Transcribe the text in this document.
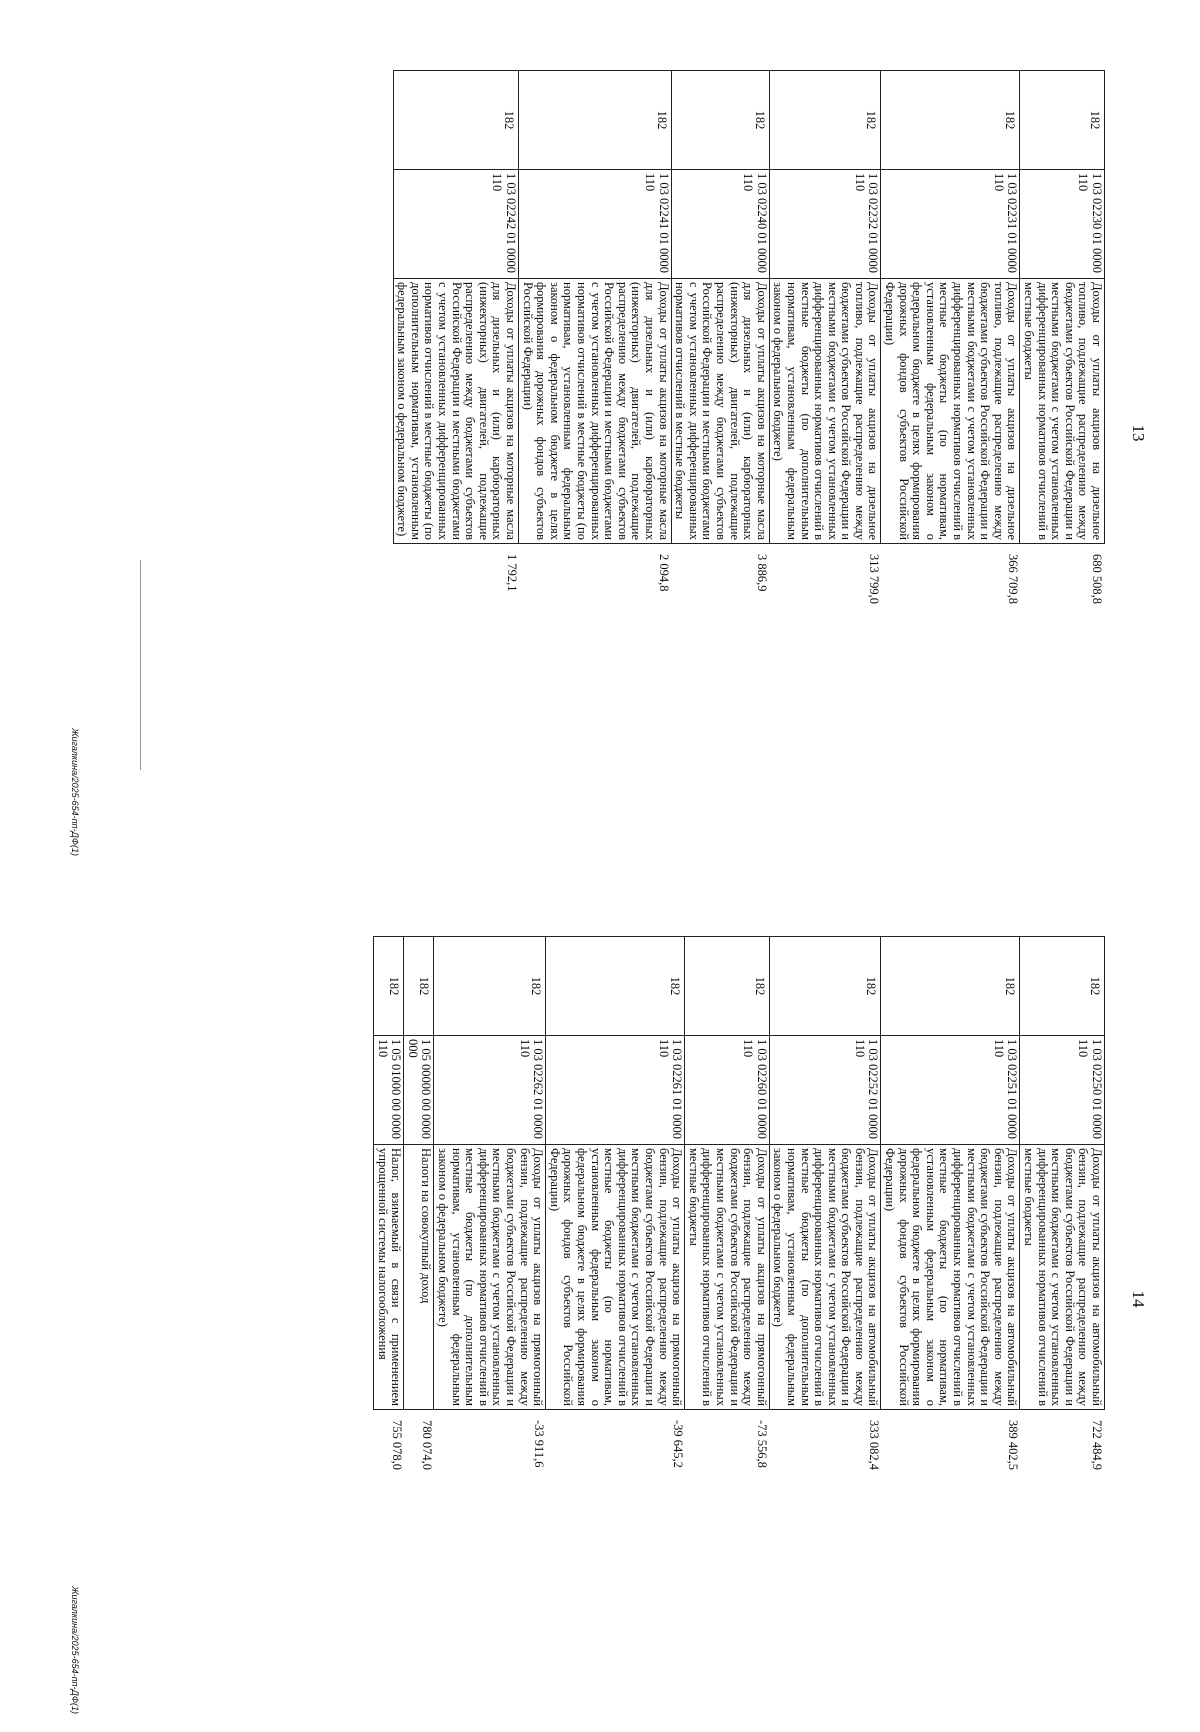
13
182	1 03 02230 01 0000 110	Доходы от уплаты акцизов на дизельное топливо, подлежащие распределению между бюджетами субъектов Российской Федерации и местными бюджетами с учетом установленных дифференцированных нормативов отчислений в местные бюджеты	680 508,8
182	1 03 02231 01 0000 110	Доходы от уплаты акцизов на дизельное топливо, подлежащие распределению между бюджетами субъектов Российской Федерации и местными бюджетами с учетом установленных дифференцированных нормативов отчислений в местные бюджеты (по нормативам, установленным федеральным законом о федеральном бюджете в целях формирования дорожных фондов субъектов Российской Федерации)	366 709,8
182	1 03 02232 01 0000 110	Доходы от уплаты акцизов на дизельное топливо, подлежащие распределению между бюджетами субъектов Российской Федерации и местными бюджетами с учетом установленных дифференцированных нормативов отчислений в местные бюджеты (по дополнительным нормативам, установленным федеральным законом о федеральном бюджете)	313 799,0
182	1 03 02240 01 0000 110	Доходы от уплаты акцизов на моторные масла для дизельных и (или) карбюраторных (инжекторных) двигателей, подлежащие распределению между бюджетами субъектов Российской Федерации и местными бюджетами с учетом установленных дифференцированных нормативов отчислений в местные бюджеты	3 886,9
182	1 03 02241 01 0000 110	Доходы от уплаты акцизов на моторные масла для дизельных и (или) карбюраторных (инжекторных) двигателей, подлежащие распределению между бюджетами субъектов Российской Федерации и местными бюджетами с учетом установленных дифференцированных нормативов отчислений в местные бюджеты (по нормативам, установленным федеральным законом о федеральном бюджете в целях формирования дорожных фондов субъектов Российской Федерации)	2 094,8
182	1 03 02242 01 0000 110	Доходы от уплаты акцизов на моторные масла для дизельных и (или) карбюраторных (инжекторных) двигателей, подлежащие распределению между бюджетами субъектов Российской Федерации и местными бюджетами с учетом установленных дифференцированных нормативов отчислений в местные бюджеты (по дополнительным нормативам, установленным федеральным законом о федеральном бюджете)	1 792,1
Жигалкина/2025-654-пп-ДФ(1)
14
182	1 03 02250 01 0000 110	Доходы от уплаты акцизов на автомобильный бензин, подлежащие распределению между бюджетами субъектов Российской Федерации и местными бюджетами с учетом установленных дифференцированных нормативов отчислений в местные бюджеты	722 484,9
182	1 03 02251 01 0000 110	Доходы от уплаты акцизов на автомобильный бензин, подлежащие распределению между бюджетами субъектов Российской Федерации и местными бюджетами с учетом установленных дифференцированных нормативов отчислений в местные бюджеты (по нормативам, установленным федеральным законом о федеральном бюджете в целях формирования дорожных фондов субъектов Российской Федерации)	389 402,5
182	1 03 02252 01 0000 110	Доходы от уплаты акцизов на автомобильный бензин, подлежащие распределению между бюджетами субъектов Российской Федерации и местными бюджетами с учетом установленных дифференцированных нормативов отчислений в местные бюджеты (по дополнительным нормативам, установленным федеральным законом о федеральном бюджете)	333 082,4
182	1 03 02260 01 0000 110	Доходы от уплаты акцизов на прямогонный бензин, подлежащие распределению между бюджетами субъектов Российской Федерации и местными бюджетами с учетом установленных дифференцированных нормативов отчислений в местные бюджеты	-73 556,8
182	1 03 02261 01 0000 110	Доходы от уплаты акцизов на прямогонный бензин, подлежащие распределению между бюджетами субъектов Российской Федерации и местными бюджетами с учетом установленных дифференцированных нормативов отчислений в местные бюджеты (по нормативам, установленным федеральным законом о федеральном бюджете в целях формирования дорожных фондов субъектов Российской Федерации)	-39 645,2
182	1 03 02262 01 0000 110	Доходы от уплаты акцизов на прямогонный бензин, подлежащие распределению между бюджетами субъектов Российской Федерации и местными бюджетами с учетом установленных дифференцированных нормативов отчислений в местные бюджеты (по дополнительным нормативам, установленным федеральным законом о федеральном бюджете)	-33 911,6
182	1 05 00000 00 0000 000	Налоги на совокупный доход	780 074,0
182	1 05 01000 00 0000 110	Налог, взимаемый в связи с применением упрощенной системы налогообложения	755 078,0
Жигалкина/2025-654-пп-ДФ(1)
